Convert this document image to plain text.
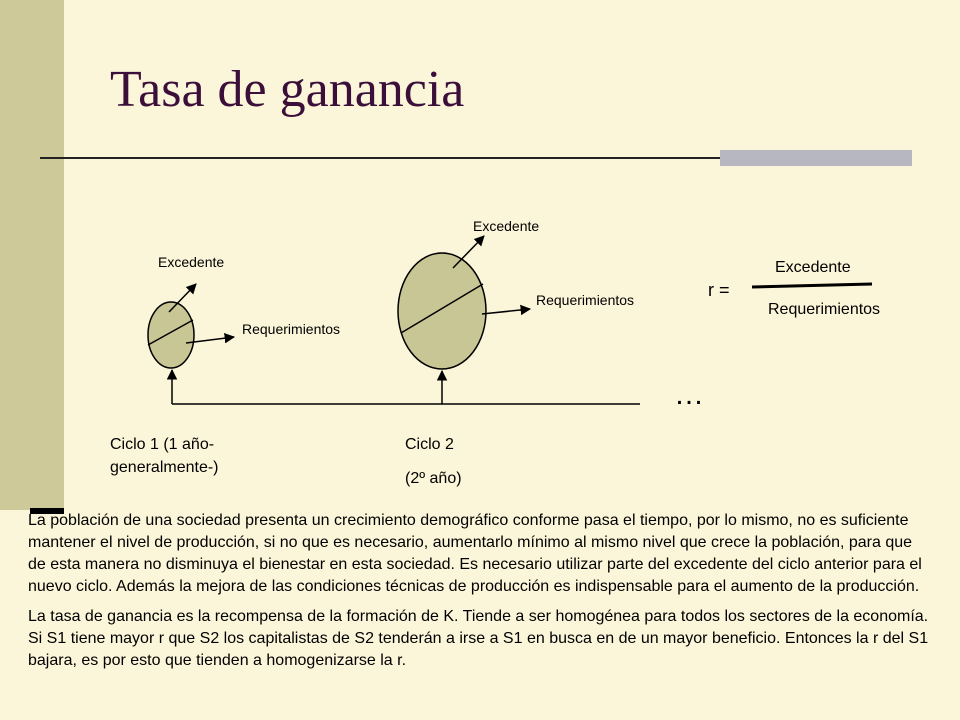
Tasa de ganancia
Excedente
Requerimientos
Excedente
Requerimientos
…
Ciclo 1 (1 año-
generalmente-)
Ciclo 2
(2º año)
r =
Excedente
Requerimientos

La población de una sociedad presenta un crecimiento demográfico conforme pasa el tiempo, por lo mismo, no es suficiente mantener el nivel de producción, si no que es necesario, aumentarlo mínimo al mismo nivel que crece la población, para que de esta manera no disminuya el bienestar en esta sociedad. Es necesario utilizar parte del excedente del ciclo anterior para el nuevo ciclo. Además la mejora de las condiciones técnicas de producción es indispensable para el aumento de la producción.

La tasa de ganancia es la recompensa de la formación de K. Tiende a ser homogénea para todos los sectores de la economía. Si S1 tiene mayor r que S2 los capitalistas de S2 tenderán a irse a S1 en busca en de un mayor beneficio. Entonces la r del S1 bajara, es por esto que tienden a homogenizarse la r.
